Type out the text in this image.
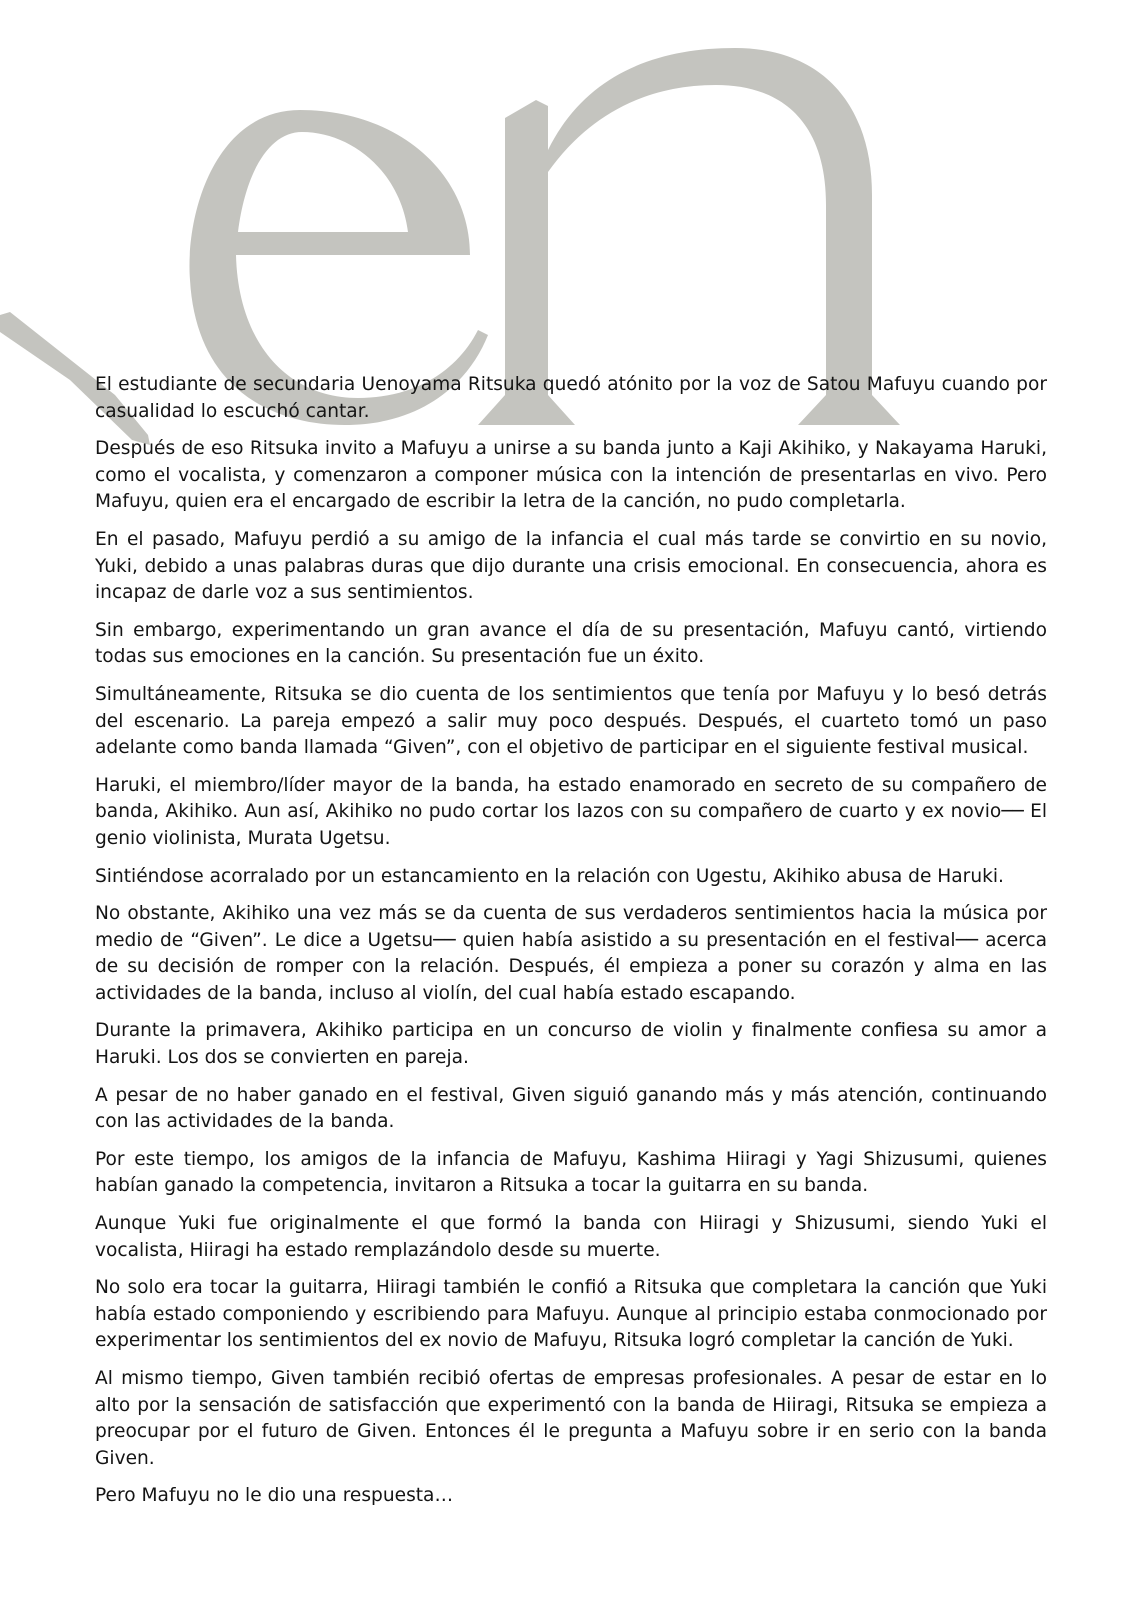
El estudiante de secundaria Uenoyama Ritsuka quedó atónito por la voz de Satou Mafuyu cuando por casualidad lo escuchó cantar.

Después de eso Ritsuka invito a Mafuyu a unirse a su banda junto a Kaji Akihiko, y Nakayama Haruki, como el vocalista, y comenzaron a componer música con la intención de presentarlas en vivo. Pero Mafuyu, quien era el encargado de escribir la letra de la canción, no pudo completarla.

En el pasado, Mafuyu perdió a su amigo de la infancia el cual más tarde se convirtio en su novio, Yuki, debido a unas palabras duras que dijo durante una crisis emocional. En consecuencia, ahora es incapaz de darle voz a sus sentimientos.

Sin embargo, experimentando un gran avance el día de su presentación, Mafuyu cantó, virtiendo todas sus emociones en la canción. Su presentación fue un éxito.

Simultáneamente, Ritsuka se dio cuenta de los sentimientos que tenía por Mafuyu y lo besó detrás del escenario. La pareja empezó a salir muy poco después. Después, el cuarteto tomó un paso adelante como banda llamada “Given”, con el objetivo de participar en el siguiente festival musical.

Haruki, el miembro/líder mayor de la banda, ha estado enamorado en secreto de su compañero de banda, Akihiko. Aun así, Akihiko no pudo cortar los lazos con su compañero de cuarto y ex novio── El genio violinista, Murata Ugetsu.

Sintiéndose acorralado por un estancamiento en la relación con Ugestu, Akihiko abusa de Haruki.

No obstante, Akihiko una vez más se da cuenta de sus verdaderos sentimientos hacia la música por medio de “Given”. Le dice a Ugetsu── quien había asistido a su presentación en el festival── acerca de su decisión de romper con la relación. Después, él empieza a poner su corazón y alma en las actividades de la banda, incluso al violín, del cual había estado escapando.

Durante la primavera, Akihiko participa en un concurso de violin y finalmente confiesa su amor a Haruki. Los dos se convierten en pareja.

A pesar de no haber ganado en el festival, Given siguió ganando más y más atención, continuando con las actividades de la banda.

Por este tiempo, los amigos de la infancia de Mafuyu, Kashima Hiiragi y Yagi Shizusumi, quienes habían ganado la competencia, invitaron a Ritsuka a tocar la guitarra en su banda.

Aunque Yuki fue originalmente el que formó la banda con Hiiragi y Shizusumi, siendo Yuki el vocalista, Hiiragi ha estado remplazándolo desde su muerte.

No solo era tocar la guitarra, Hiiragi también le confió a Ritsuka que completara la canción que Yuki había estado componiendo y escribiendo para Mafuyu. Aunque al principio estaba conmocionado por experimentar los sentimientos del ex novio de Mafuyu, Ritsuka logró completar la canción de Yuki.

Al mismo tiempo, Given también recibió ofertas de empresas profesionales. A pesar de estar en lo alto por la sensación de satisfacción que experimentó con la banda de Hiiragi, Ritsuka se empieza a preocupar por el futuro de Given. Entonces él le pregunta a Mafuyu sobre ir en serio con la banda Given.

Pero Mafuyu no le dio una respuesta…
